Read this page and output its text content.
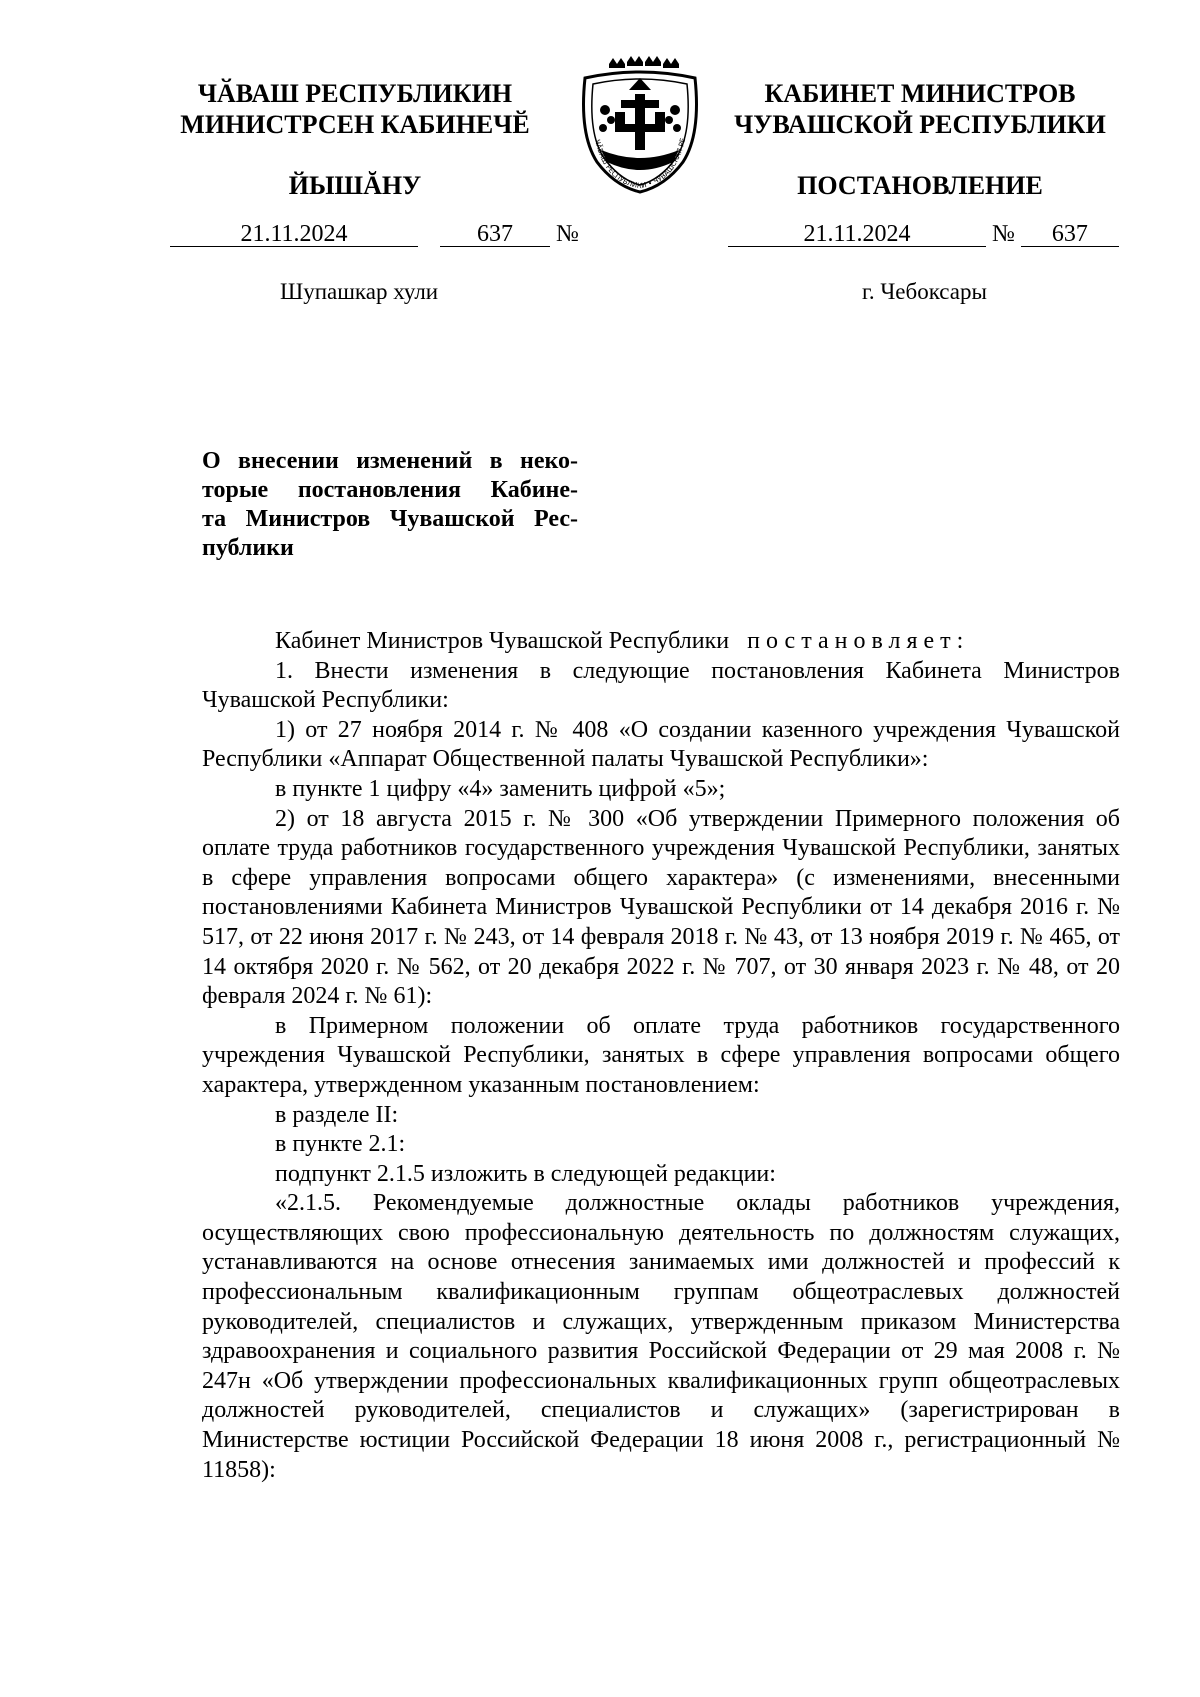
ЧӐВАШ РЕСПУБЛИКИН
МИНИСТРСЕН КАБИНЕЧӖ
ЙЫШĂНУ
ЧĂВАШ РЕСПУБЛИКИ • ЧУВАШСКАЯ РЕ
КАБИНЕТ МИНИСТРОВ
ЧУВАШСКОЙ РЕСПУБЛИКИ
ПОСТАНОВЛЕНИЕ
21.11.2024	637 №	21.11.2024	№ 637
Шупашкар хули	г. Чебоксары
О внесении изменений в неко-
торые постановления Кабине-
та Министров Чувашской Рес-
публики

Кабинет Министров Чувашской Республики постановляет:

1. Внести изменения в следующие постановления Кабинета Министров Чувашской Республики:

1) от 27 ноября 2014 г. № 408 «О создании казенного учреждения Чувашской Республики «Аппарат Общественной палаты Чувашской Республики»:

в пункте 1 цифру «4» заменить цифрой «5»;

2) от 18 августа 2015 г. № 300 «Об утверждении Примерного положения об оплате труда работников государственного учреждения Чувашской Республики, занятых в сфере управления вопросами общего характера» (с изменениями, внесенными постановлениями Кабинета Министров Чувашской Республики от 14 декабря 2016 г. № 517, от 22 июня 2017 г. № 243, от 14 февраля 2018 г. № 43, от 13 ноября 2019 г. № 465, от 14 октября 2020 г. № 562, от 20 декабря 2022 г. № 707, от 30 января 2023 г. № 48, от 20 февраля 2024 г. № 61):

в Примерном положении об оплате труда работников государственного учреждения Чувашской Республики, занятых в сфере управления вопросами общего характера, утвержденном указанным постановлением:

в разделе II:

в пункте 2.1:

подпункт 2.1.5 изложить в следующей редакции:

«2.1.5. Рекомендуемые должностные оклады работников учреждения, осуществляющих свою профессиональную деятельность по должностям служащих, устанавливаются на основе отнесения занимаемых ими должностей и профессий к профессиональным квалификационным группам общеотраслевых должностей руководителей, специалистов и служащих, утвержденным приказом Министерства здравоохранения и социального развития Российской Федерации от 29 мая 2008 г. № 247н «Об утверждении профессиональных квалификационных групп общеотраслевых должностей руководителей, специалистов и служащих» (зарегистрирован в Министерстве юстиции Российской Федерации 18 июня 2008 г., регистрационный № 11858):
